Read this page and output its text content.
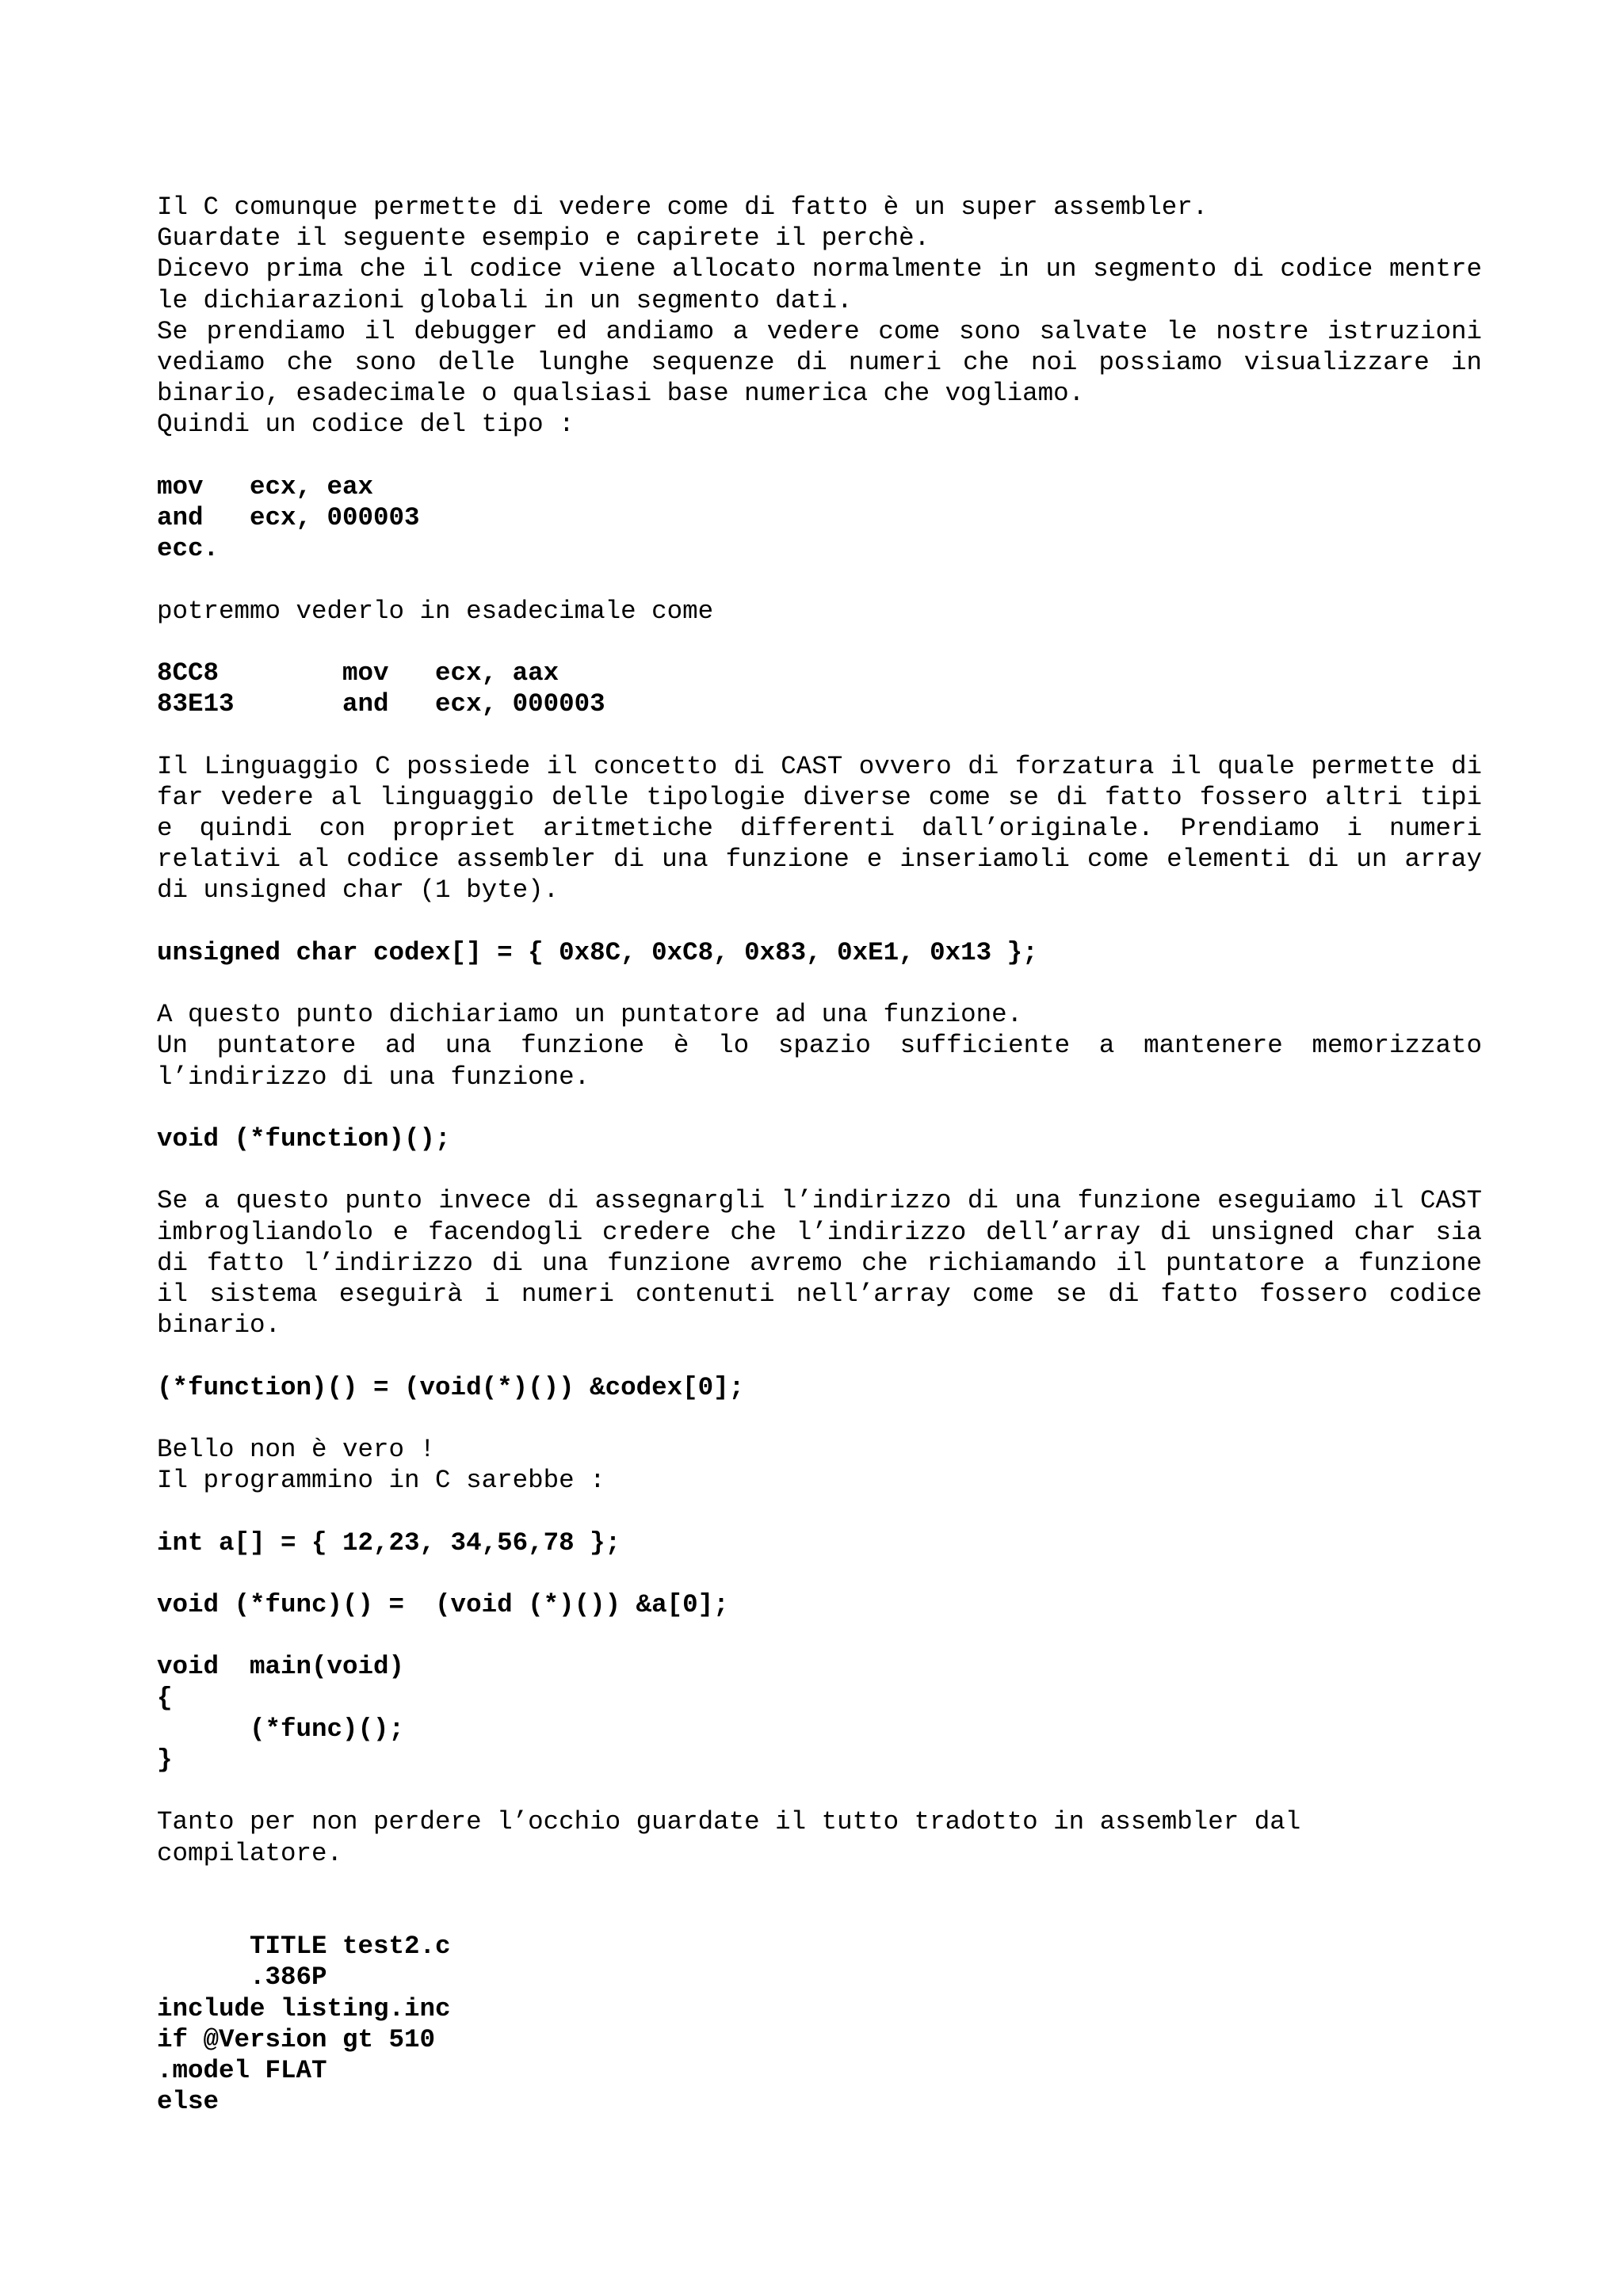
Il C comunque permette di vedere come di fatto è un super assembler.

Guardate il seguente esempio e capirete il perchè.

Dicevo prima che il codice viene allocato normalmente in un segmento di codice mentre le dichiarazioni globali in un segmento dati.

Se prendiamo il debugger ed andiamo a vedere come sono salvate le nostre istruzioni vediamo che sono delle lunghe sequenze di numeri che noi possiamo visualizzare in binario, esadecimale o qualsiasi base numerica che vogliamo.

Quindi un codice del tipo :

mov   ecx, eax
and   ecx, 000003
ecc.

potremmo vederlo in esadecimale come

8CC8        mov   ecx, aax
83E13       and   ecx, 000003

Il Linguaggio C possiede il concetto di CAST ovvero di forzatura il quale permette di far vedere al linguaggio delle tipologie diverse come se di fatto fossero altri tipi e quindi con propriet aritmetiche differenti dall’originale. Prendiamo i numeri relativi al codice assembler di una funzione e inseriamoli come elementi di un array di unsigned char (1 byte).

unsigned char codex[] = { 0x8C, 0xC8, 0x83, 0xE1, 0x13 };

A questo punto dichiariamo un puntatore ad una funzione.

Un puntatore ad una funzione è lo spazio sufficiente a mantenere memorizzato l’indirizzo di una funzione.

void (*function)();

Se a questo punto invece di assegnargli l’indirizzo di una funzione eseguiamo il CAST imbrogliandolo e facendogli credere che l’indirizzo dell’array di unsigned char sia di fatto l’indirizzo di una funzione avremo che richiamando il puntatore a funzione il sistema eseguirà i numeri contenuti nell’array come se di fatto fossero codice binario.

(*function)() = (void(*)()) &codex[0];

Bello non è vero !

Il programmino in C sarebbe :

int a[] = { 12,23, 34,56,78 };
void (*func)() =  (void (*)()) &a[0];
void  main(void)
{
(*func)();
}

Tanto per non perdere l’occhio guardate il tutto tradotto in assembler dal compilatore.

TITLE test2.c
.386P
include listing.inc
if @Version gt 510
.model FLAT
else
